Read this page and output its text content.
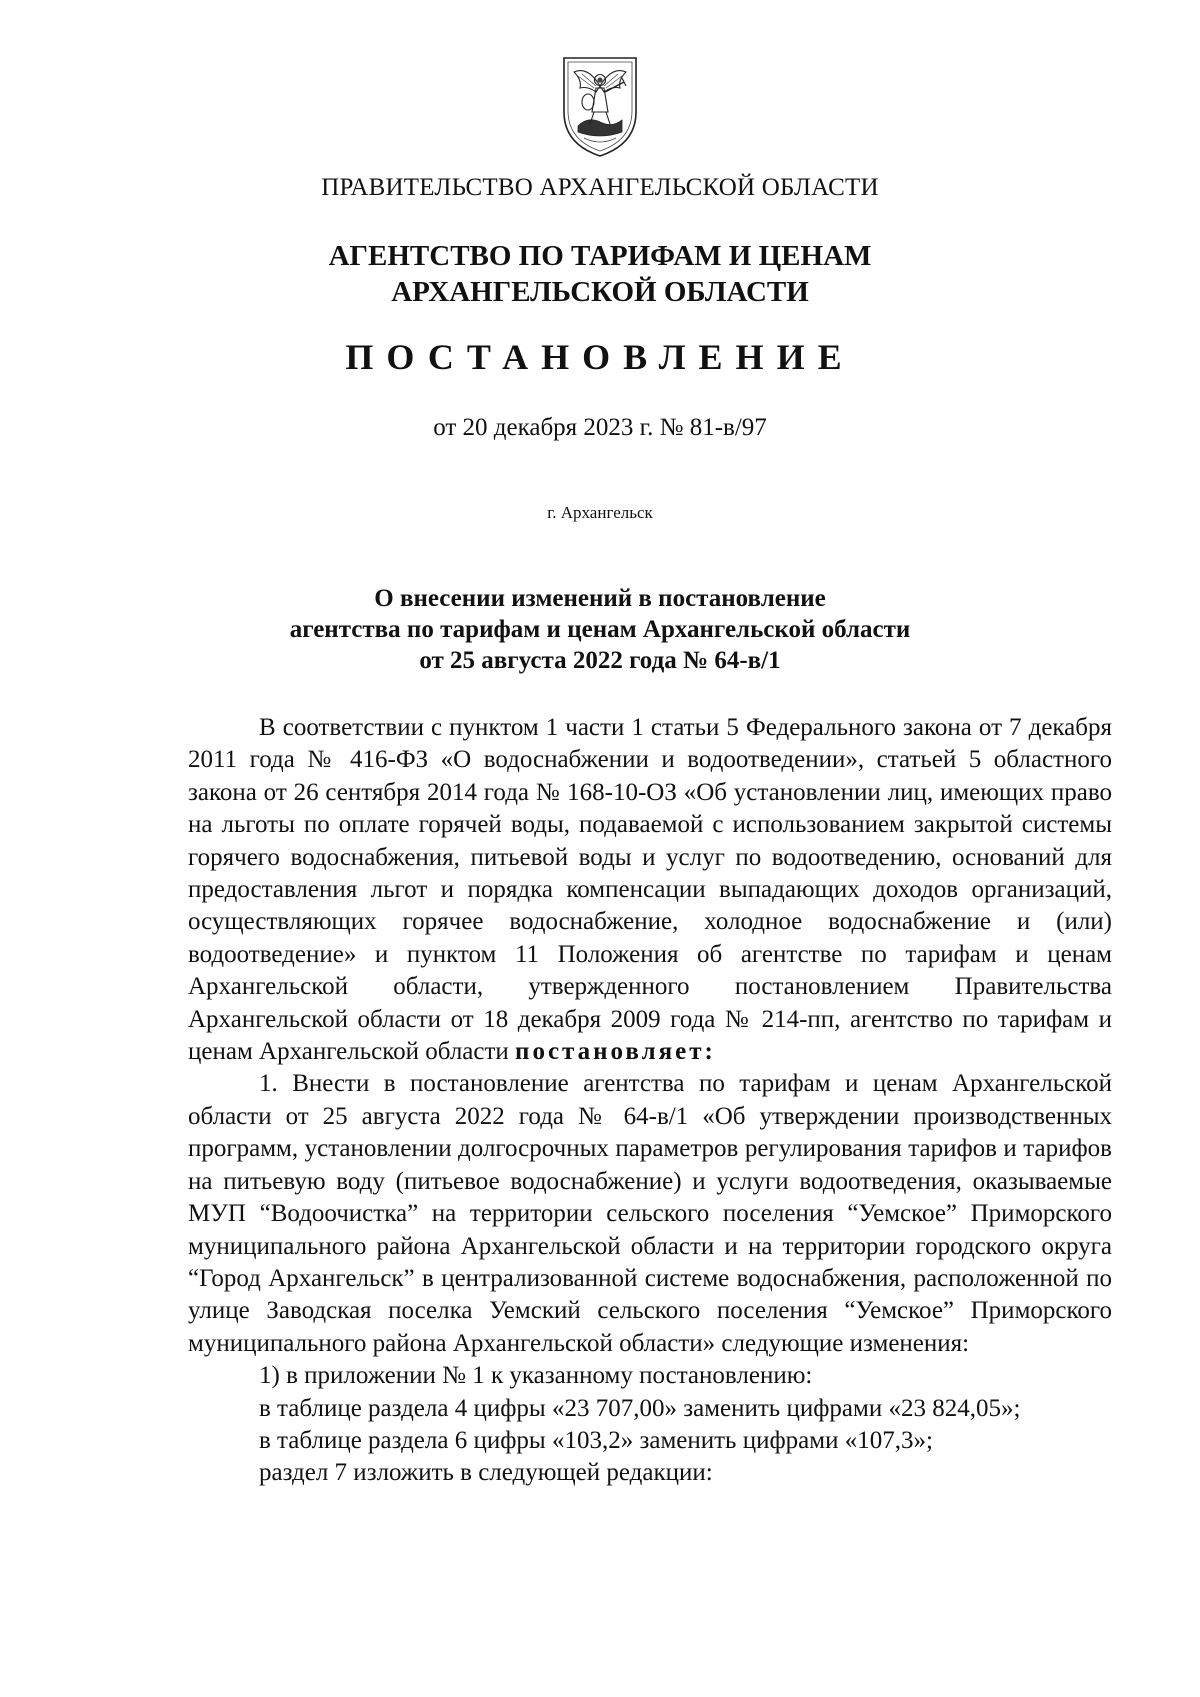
ПРАВИТЕЛЬСТВО АРХАНГЕЛЬСКОЙ ОБЛАСТИ
АГЕНТСТВО ПО ТАРИФАМ И ЦЕНАМ
АРХАНГЕЛЬСКОЙ ОБЛАСТИ
ПОСТАНОВЛЕНИЕ
от 20 декабря 2023 г. № 81-в/97
г. Архангельск
О внесении изменений в постановление
агентства по тарифам и ценам Архангельской области
от 25 августа 2022 года № 64-в/1

В соответствии с пунктом 1 части 1 статьи 5 Федерального закона от 7 декабря 2011 года № 416-ФЗ «О водоснабжении и водоотведении», статьей 5 областного закона от 26 сентября 2014 года № 168-10-ОЗ «Об установлении лиц, имеющих право на льготы по оплате горячей воды, подаваемой с использованием закрытой системы горячего водоснабжения, питьевой воды и услуг по водоотведению, оснований для предоставления льгот и порядка компенсации выпадающих доходов организаций, осуществляющих горячее водоснабжение, холодное водоснабжение и (или) водоотведение» и пунктом 11 Положения об агентстве по тарифам и ценам Архангельской области, утвержденного постановлением Правительства Архангельской области от 18 декабря 2009 года № 214-пп, агентство по тарифам и ценам Архангельской области постановляет:

1. Внести в постановление агентства по тарифам и ценам Архангельской области от 25 августа 2022 года № 64-в/1 «Об утверждении производственных программ, установлении долгосрочных параметров регулирования тарифов и тарифов на питьевую воду (питьевое водоснабжение) и услуги водоотведения, оказываемые МУП “Водоочистка” на территории сельского поселения “Уемское” Приморского муниципального района Архангельской области и на территории городского округа “Город Архангельск” в централизованной системе водоснабжения, расположенной по улице Заводская поселка Уемский сельского поселения “Уемское” Приморского муниципального района Архангельской области» следующие изменения:

1) в приложении № 1 к указанному постановлению:

в таблице раздела 4 цифры «23 707,00» заменить цифрами «23 824,05»;

в таблице раздела 6 цифры «103,2» заменить цифрами «107,3»;

раздел 7 изложить в следующей редакции:
